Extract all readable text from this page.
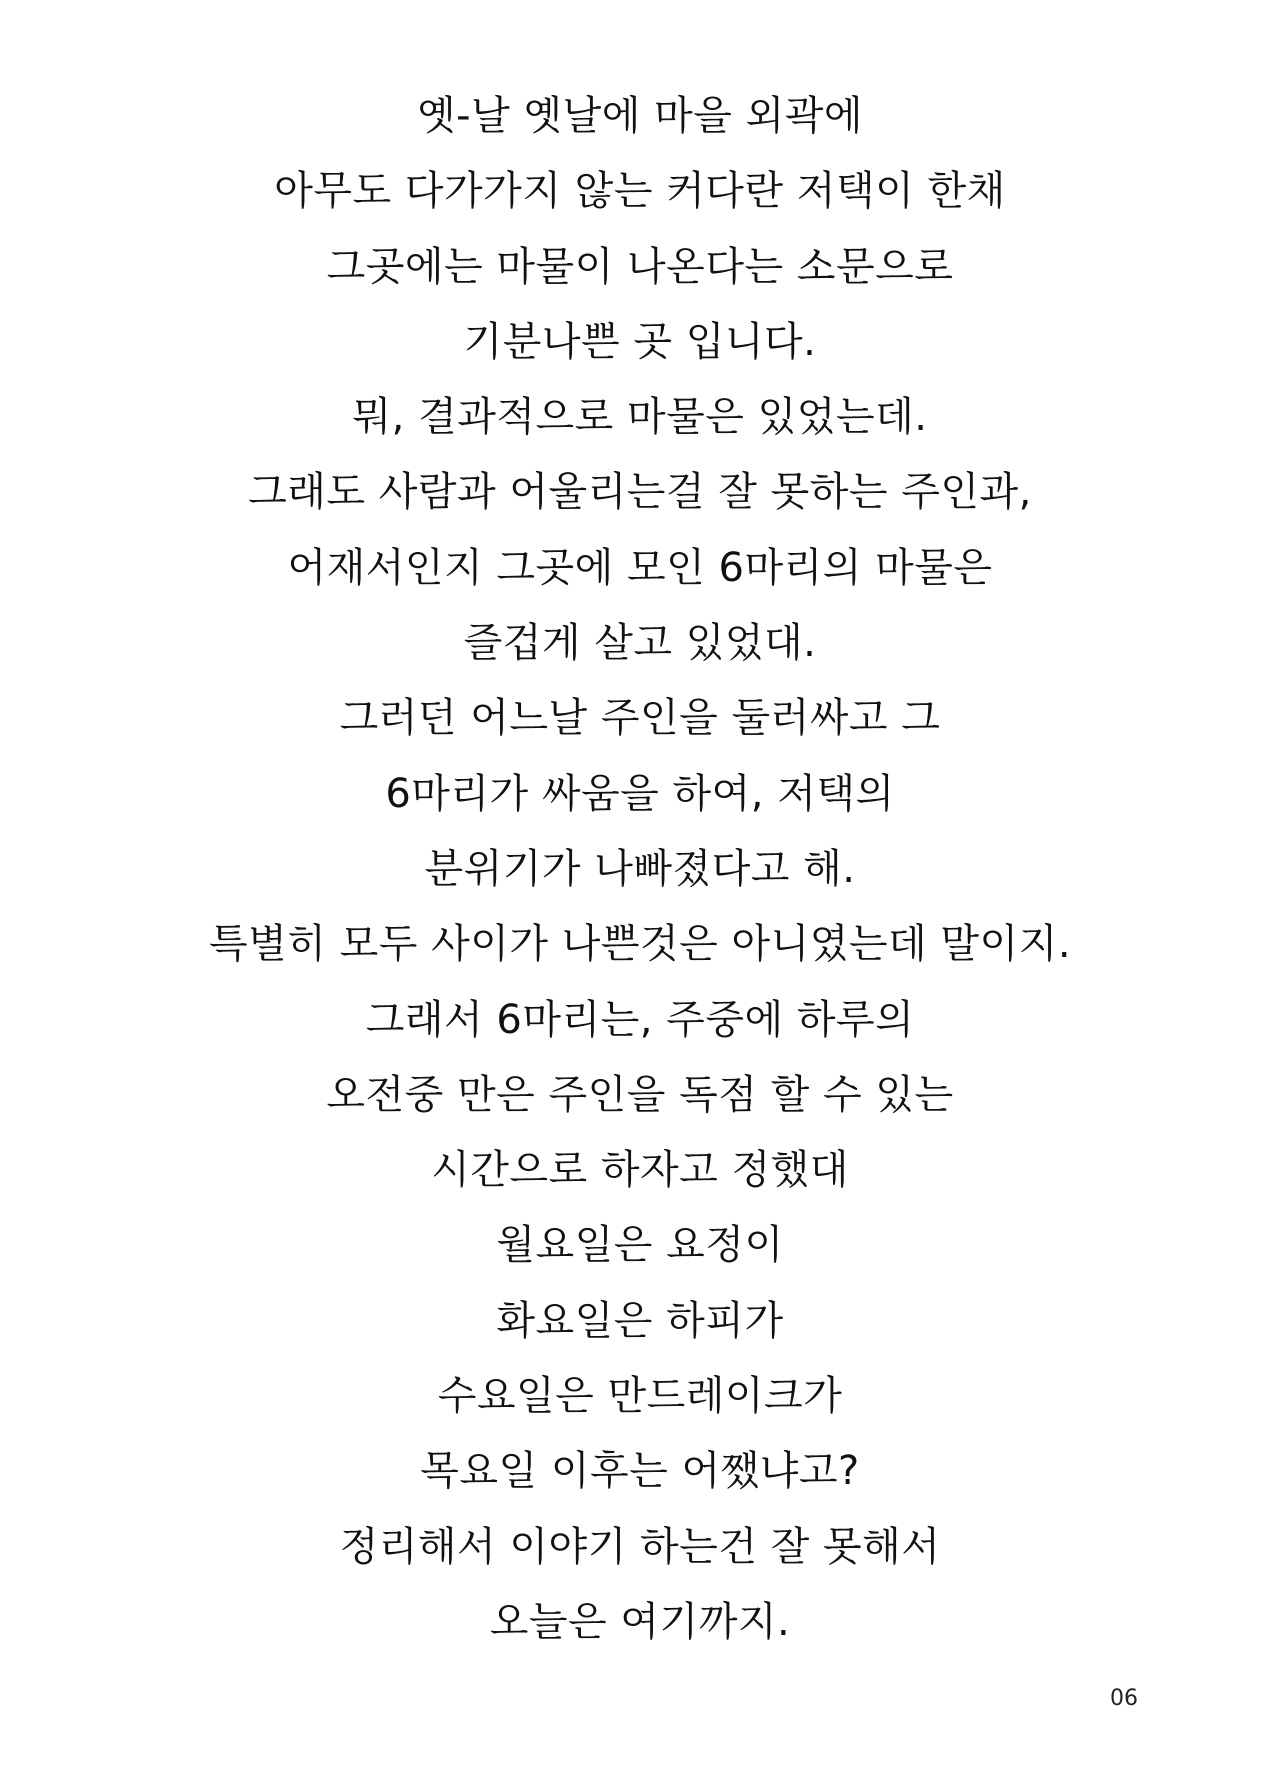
옛-날 옛날에 마을 외곽에
아무도 다가가지 않는 커다란 저택이 한채
그곳에는 마물이 나온다는 소문으로
기분나쁜 곳 입니다.
뭐, 결과적으로 마물은 있었는데.
그래도 사람과 어울리는걸 잘 못하는 주인과,
어재서인지 그곳에 모인 6마리의 마물은
즐겁게 살고 있었대.
그러던 어느날 주인을 둘러싸고 그
6마리가 싸움을 하여, 저택의
분위기가 나빠졌다고 해.
특별히 모두 사이가 나쁜것은 아니였는데 말이지.
그래서 6마리는, 주중에 하루의
오전중 만은 주인을 독점 할 수 있는
시간으로 하자고 정했대
월요일은 요정이
화요일은 하피가
수요일은 만드레이크가
목요일 이후는 어쨌냐고?
정리해서 이야기 하는건 잘 못해서
오늘은 여기까지.
06
